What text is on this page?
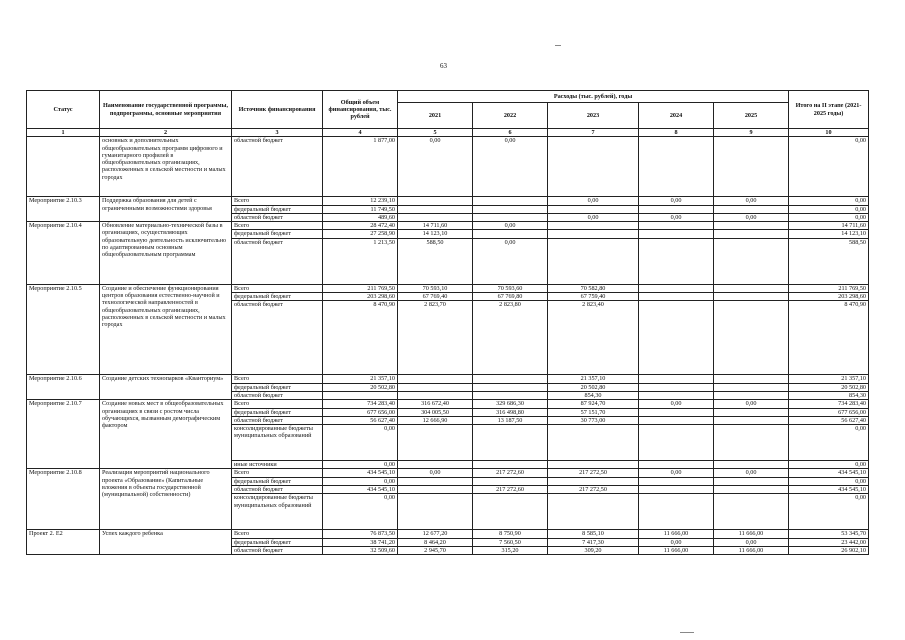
63
Статус	Наименование государственной программы, подпрограммы, основные мероприятия	Источник финансирования	Общий объем финансирования, тыс. рублей	Расходы (тыс. рублей), годы					Итого на II этапе (2021-2025 годы)
				2021	2022	2023	2024	2025	
1	2	3	4	5	6	7	8	9	10
	основных и дополнительных общеобразовательных программ цифрового и гуманитарного профилей в общеобразовательных организациях, расположенных в сельской местности и малых городах	областной бюджет	1 877,00	0,00	0,00				0,00
Мероприятие 2.10.3	Поддержка образования для детей с ограниченными возможностями здоровья	Всего	12 239,10			0,00	0,00	0,00	0,00
		федеральный бюджет	11 749,50						0,00
		областной бюджет	489,60			0,00	0,00	0,00	0,00
Мероприятие 2.10.4	Обновление материально-технической базы в организациях, осуществляющих образовательную деятельность исключительно по адаптированным основным общеобразовательным программам	Всего	28 472,40	14 711,60	0,00				14 711,60
		федеральный бюджет	27 258,90	14 123,10					14 123,10
		областной бюджет	1 213,50	588,50	0,00				588,50
Мероприятие 2.10.5	Создание и обеспечение функционирования центров образования естественно-научной и технологической направленностей в общеобразовательных организациях, расположенных в сельской местности и малых городах	Всего	211 769,50	70 593,10	70 593,60	70 582,80			211 769,50
		федеральный бюджет	203 298,60	67 769,40	67 769,80	67 759,40			203 298,60
		областной бюджет	8 470,90	2 823,70	2 823,80	2 823,40			8 470,90
Мероприятие 2.10.6	Создание детских технопарков «Кванториум»	Всего	21 357,10			21 357,10			21 357,10
		федеральный бюджет	20 502,80			20 502,80			20 502,80
		областной бюджет				854,30			854,30
Мероприятие 2.10.7	Создание новых мест в общеобразовательных организациях в связи с ростом числа обучающихся, вызванным демографическим фактором	Всего	734 283,40	316 672,40	329 686,30	87 924,70	0,00	0,00	734 283,40
		федеральный бюджет	677 656,00	304 005,50	316 498,80	57 151,70			677 656,00
		областной бюджет	56 627,40	12 666,90	13 187,50	30 773,00			56 627,40
		консолидированные бюджеты муниципальных образований	0,00						0,00
		иные источники	0,00						0,00
Мероприятие 2.10.8	Реализация мероприятий национального проекта «Образование» (Капитальные вложения в объекты государственной (муниципальной) собственности)	Всего	434 545,10	0,00	217 272,60	217 272,50	0,00	0,00	434 545,10
		федеральный бюджет	0,00						0,00
		областной бюджет	434 545,10		217 272,60	217 272,50			434 545,10
		консолидированные бюджеты муниципальных образований	0,00						0,00
Проект 2. Е2	Успех каждого ребенка	Всего	76 873,50	12 677,20	8 750,90	8 585,10	11 666,00	11 666,00	53 345,70
		федеральный бюджет	38 741,20	8 464,20	7 560,50	7 417,30	0,00	0,00	23 442,00
		областной бюджет	32 509,60	2 945,70	315,20	309,20	11 666,00	11 666,00	26 902,10
